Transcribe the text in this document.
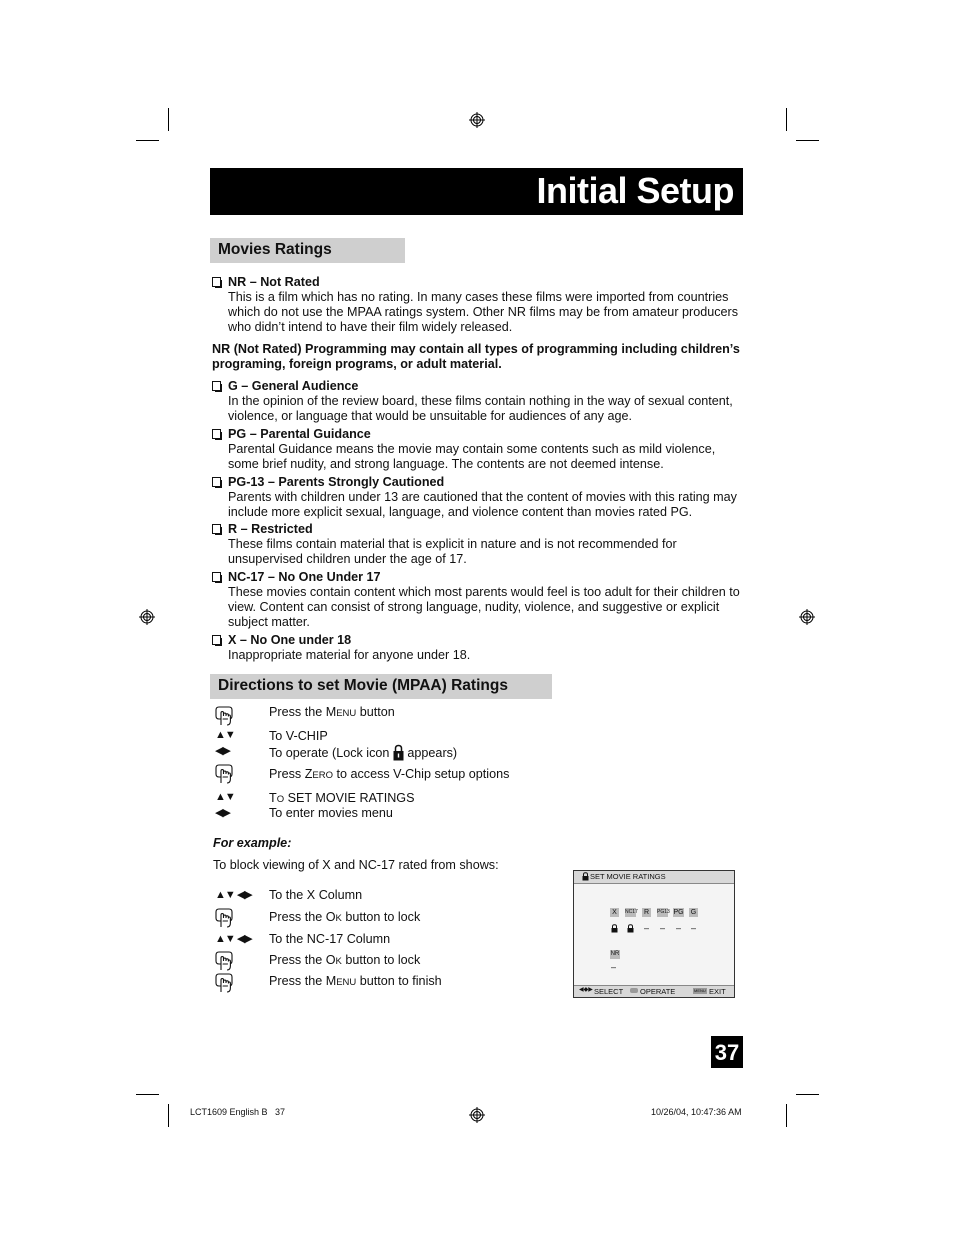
Initial Setup
Movies Ratings
NR – Not Rated
This is a film which has no rating. In many cases these films were imported from countries which do not use the MPAA ratings system. Other NR films may be from amateur producers who didn’t intend to have their film widely released.
NR (Not Rated) Programming may contain all types of programming including children’s programing, foreign programs, or adult material.
G – General Audience
In the opinion of the review board, these films contain nothing in the way of sexual content, violence, or language that would be unsuitable for audiences of any age.
PG – Parental Guidance
Parental Guidance means the movie may contain some contents such as mild violence, some brief nudity, and strong language. The contents are not deemed intense.
PG-13 – Parents Strongly Cautioned
Parents with children under 13 are cautioned that the content of movies with this rating may include more explicit sexual, language, and violence content than movies rated PG.
R – Restricted
These films contain material that is explicit in nature and is not recommended for unsupervised children under the age of 17.
NC-17 – No One Under 17
These movies contain content which most parents would feel is too adult for their children to view. Content can consist of strong language, nudity, violence, and suggestive or explicit subject matter.
X – No One under 18
Inappropriate material for anyone under 18.
Directions to set Movie (MPAA) Ratings
Press the MENU button
▲▼	To V-CHIP
◀▶	To operate (Lock icon  appears)
Press ZERO to access V-Chip setup options
▲▼	TO SET MOVIE RATINGS
◀▶	To enter movies menu
For example:
To block viewing of X and NC-17 rated from shows:
▲▼ ◀▶ To the X Column
Press the OK button to lock
▲▼ ◀▶ To the NC-17 Column
Press the OK button to lock
Press the MENU button to finish
SET MOVIE RATINGS
X	NC17 R	PG13 PG G
– – – –
NR
–
◀◆▶ SELECT OPERATE	MENU EXIT
37
LCT1609 English B   37	10/26/04, 10:47:36 AM
